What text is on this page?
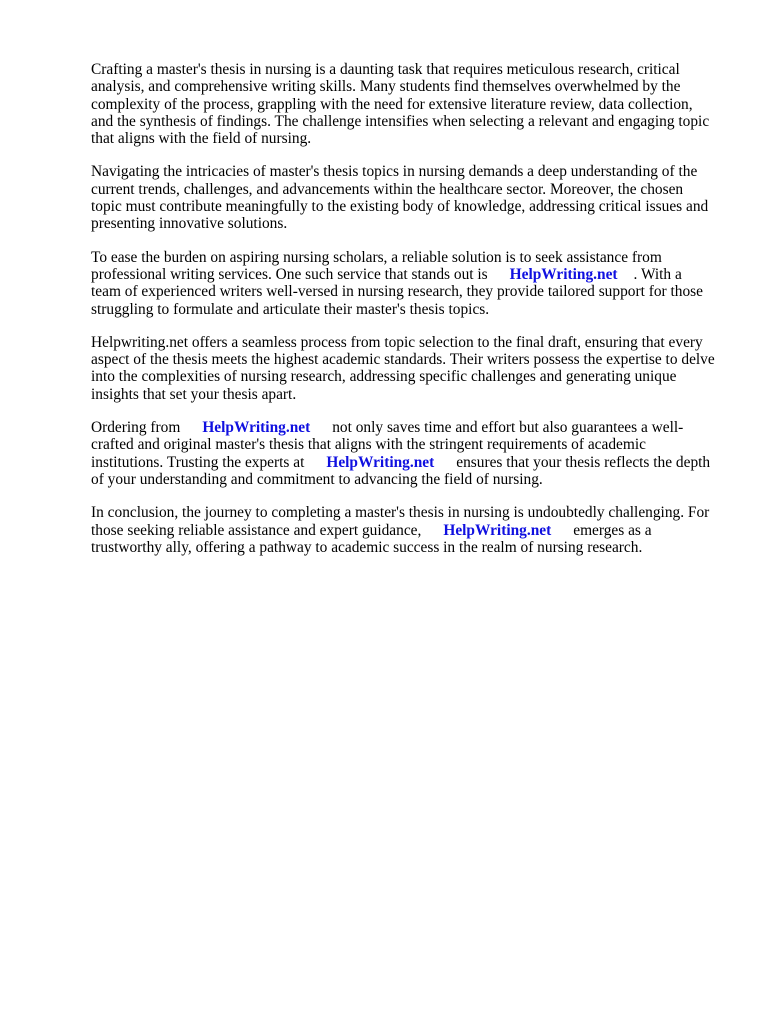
Crafting a master's thesis in nursing is a daunting task that requires meticulous research, critical
analysis, and comprehensive writing skills. Many students find themselves overwhelmed by the
complexity of the process, grappling with the need for extensive literature review, data collection,
and the synthesis of findings. The challenge intensifies when selecting a relevant and engaging topic
that aligns with the field of nursing.

Navigating the intricacies of master's thesis topics in nursing demands a deep understanding of the
current trends, challenges, and advancements within the healthcare sector. Moreover, the chosen
topic must contribute meaningfully to the existing body of knowledge, addressing critical issues and
presenting innovative solutions.

To ease the burden on aspiring nursing scholars, a reliable solution is to seek assistance from
professional writing services. One such service that stands out is HelpWriting.net . With a
team of experienced writers well-versed in nursing research, they provide tailored support for those
struggling to formulate and articulate their master's thesis topics.

Helpwriting.net offers a seamless process from topic selection to the final draft, ensuring that every
aspect of the thesis meets the highest academic standards. Their writers possess the expertise to delve
into the complexities of nursing research, addressing specific challenges and generating unique
insights that set your thesis apart.

Ordering from HelpWriting.net not only saves time and effort but also guarantees a well-
crafted and original master's thesis that aligns with the stringent requirements of academic
institutions. Trusting the experts at HelpWriting.net ensures that your thesis reflects the depth
of your understanding and commitment to advancing the field of nursing.

In conclusion, the journey to completing a master's thesis in nursing is undoubtedly challenging. For
those seeking reliable assistance and expert guidance, HelpWriting.net emerges as a
trustworthy ally, offering a pathway to academic success in the realm of nursing research.
